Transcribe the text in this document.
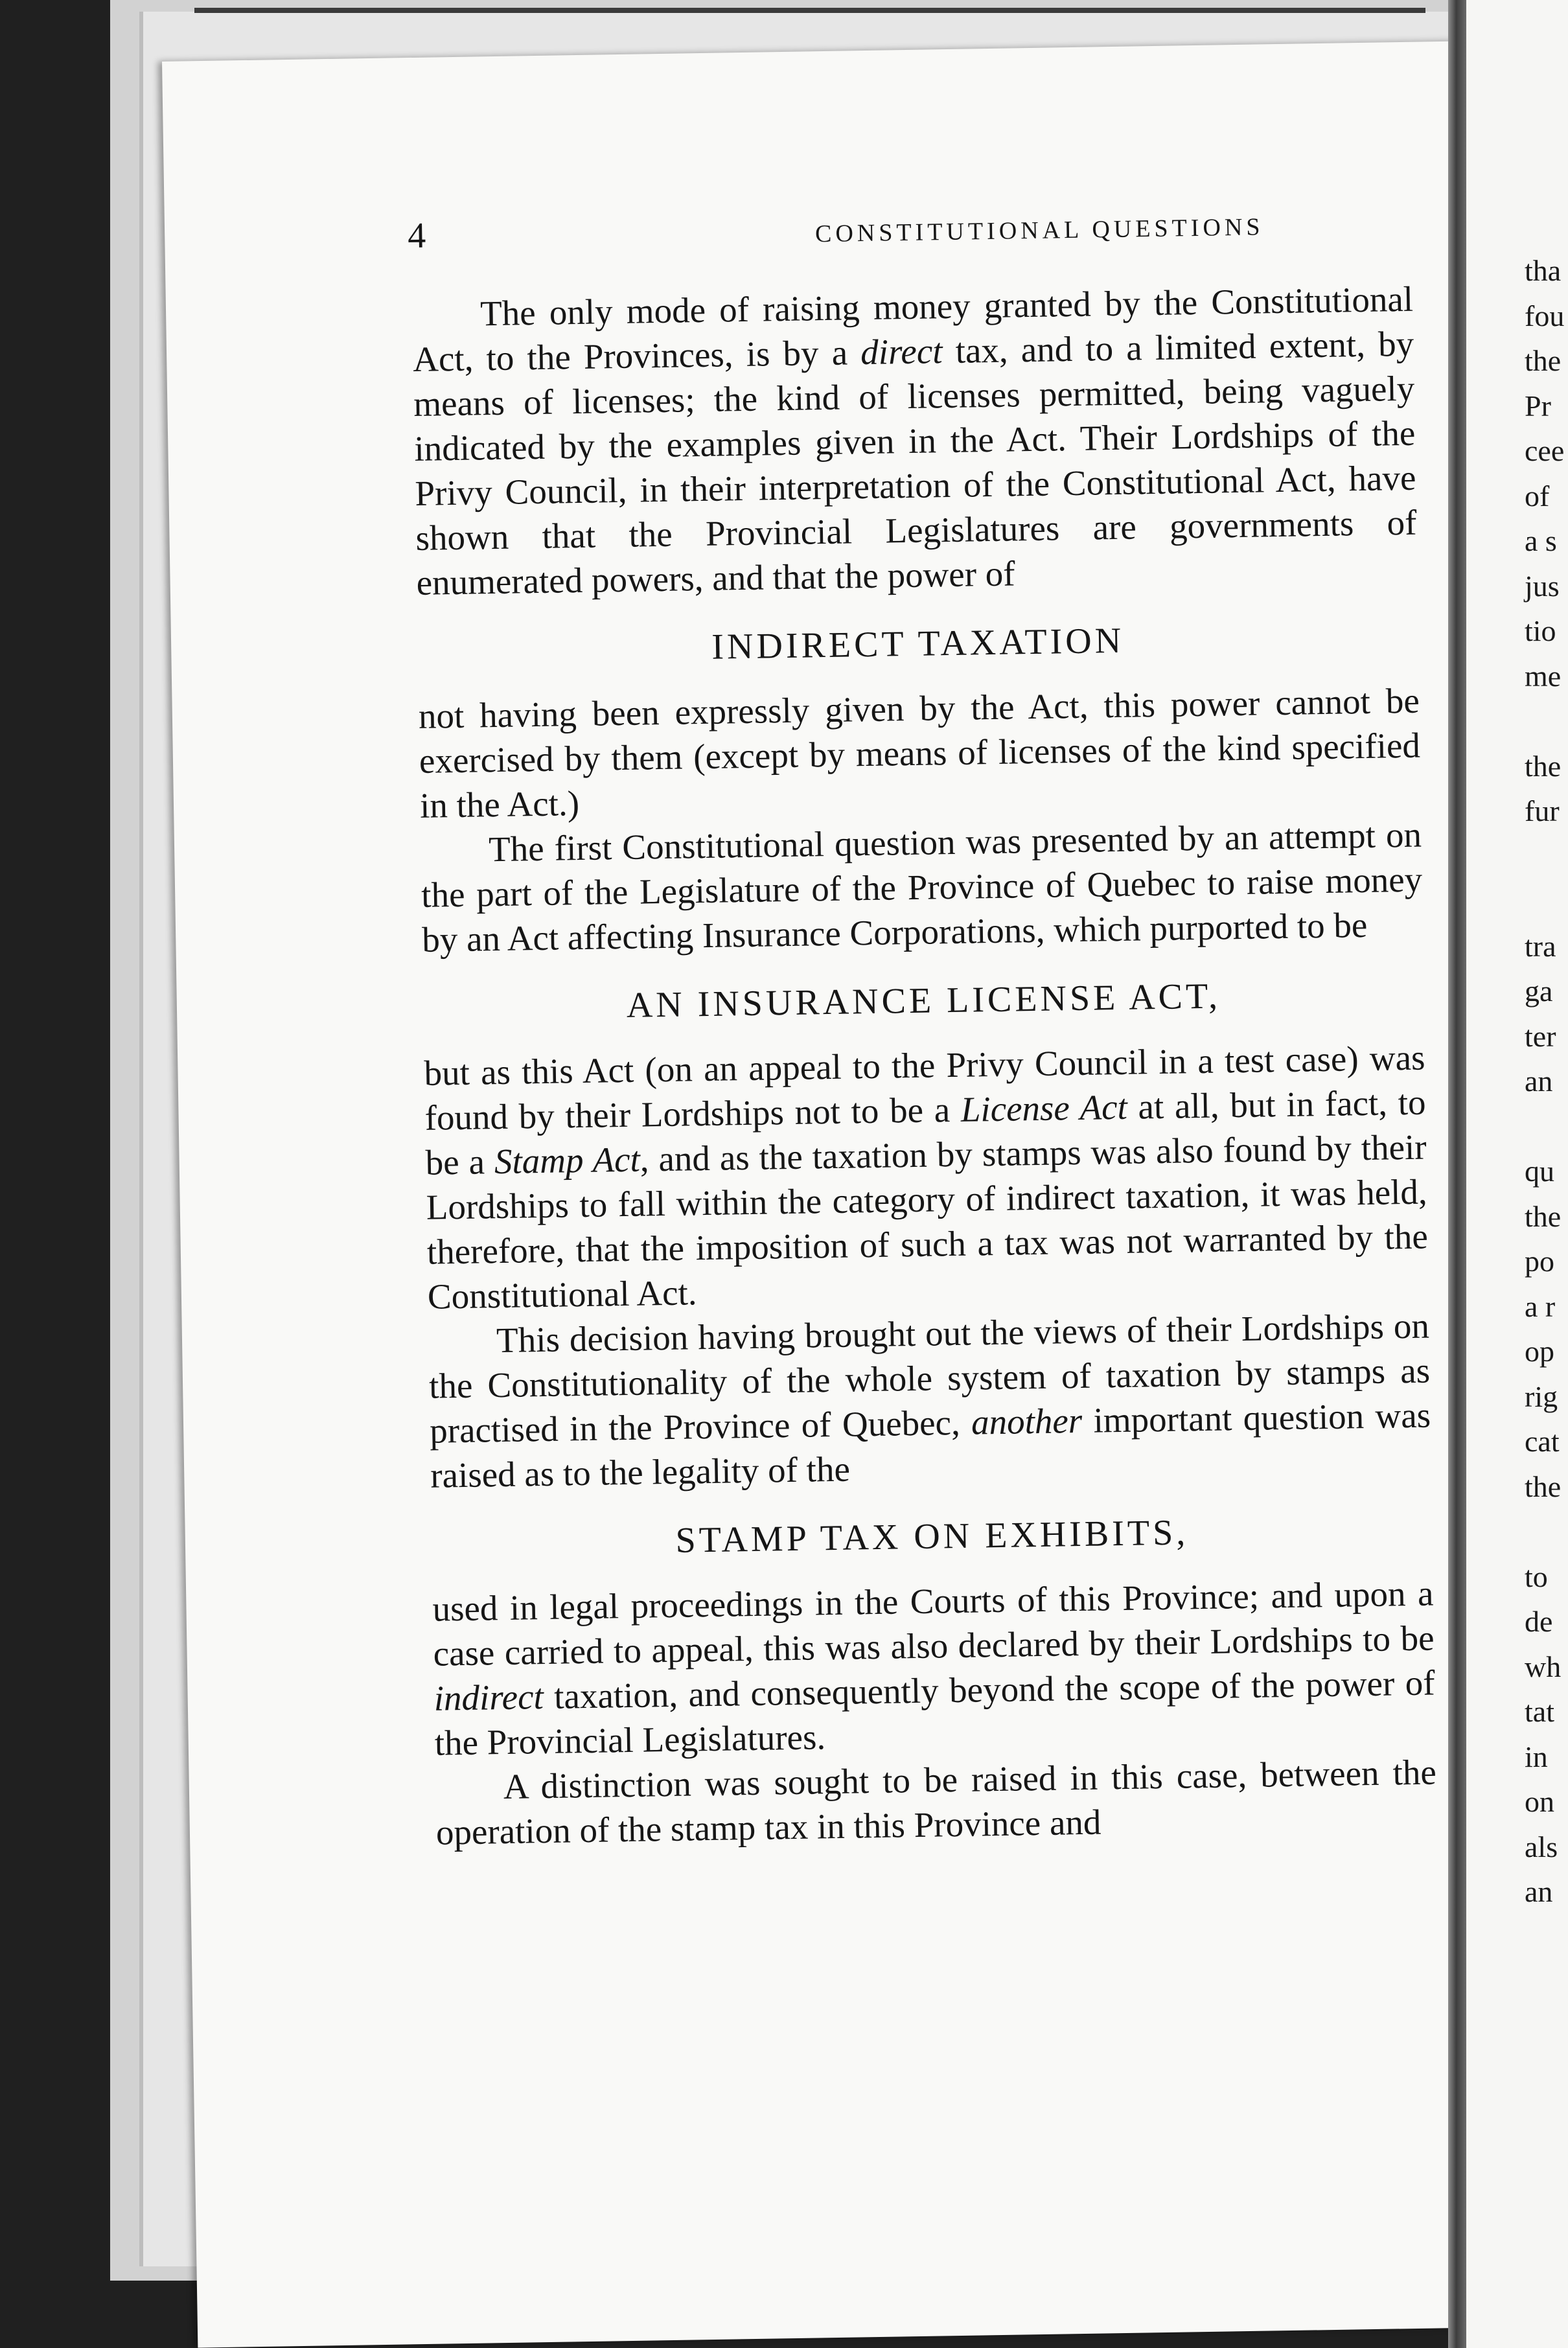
4	CONSTITUTIONAL QUESTIONS

The only mode of raising money granted by the Constitutional Act, to the Provinces, is by a direct tax, and to a limited extent, by means of licenses; the kind of licenses permitted, being vaguely indicated by the examples given in the Act. Their Lordships of the Privy Council, in their interpretation of the Constitutional Act, have shown that the Provincial Legislatures are governments of enumerated powers, and that the power of

INDIRECT TAXATION

not having been expressly given by the Act, this power cannot be exercised by them (except by means of licenses of the kind specified in the Act.)

The first Constitutional question was presented by an attempt on the part of the Legislature of the Province of Quebec to raise money by an Act affecting Insurance Corporations, which purported to be

AN INSURANCE LICENSE ACT,

but as this Act (on an appeal to the Privy Council in a test case) was found by their Lordships not to be a License Act at all, but in fact, to be a Stamp Act, and as the taxation by stamps was also found by their Lordships to fall within the category of indirect taxation, it was held, therefore, that the imposition of such a tax was not warranted by the Constitutional Act.

This decision having brought out the views of their Lordships on the Constitutionality of the whole system of taxation by stamps as practised in the Province of Quebec, another important question was raised as to the legality of the

STAMP TAX ON EXHIBITS,

used in legal proceedings in the Courts of this Province; and upon a case carried to appeal, this was also declared by their Lordships to be indirect taxation, and consequently beyond the scope of the power of the Provincial Legislatures.

A distinction was sought to be raised in this case, between the operation of the stamp tax in this Province and

tha
fou
the
Pr
cee
of
a s
jus
tio
me
the
fur
tra
ga
ter
an
qu
the
po
a r
op
rig
cat
the
to
de
wh
tat
in
on
als
an
